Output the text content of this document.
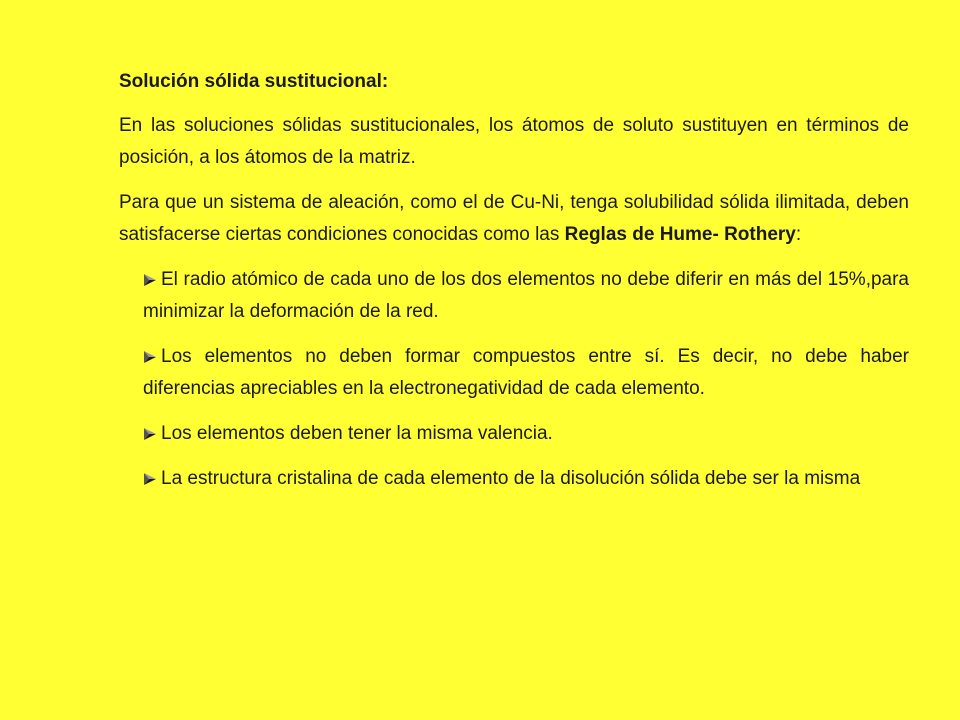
Solución sólida sustitucional:

En las soluciones sólidas sustitucionales, los átomos de soluto sustituyen en términos de posición, a los átomos de la matriz.

Para que un sistema de aleación, como el de Cu-Ni, tenga solubilidad sólida ilimitada, deben satisfacerse ciertas condiciones conocidas como las Reglas de Hume- Rothery:

El radio atómico de cada uno de los dos elementos no debe diferir en más del 15%,para minimizar la deformación de la red.
Los elementos no deben formar compuestos entre sí. Es decir, no debe haber diferencias apreciables en la electronegatividad de cada elemento.
Los elementos deben tener la misma valencia.
La estructura cristalina de cada elemento de la disolución sólida debe ser la misma
